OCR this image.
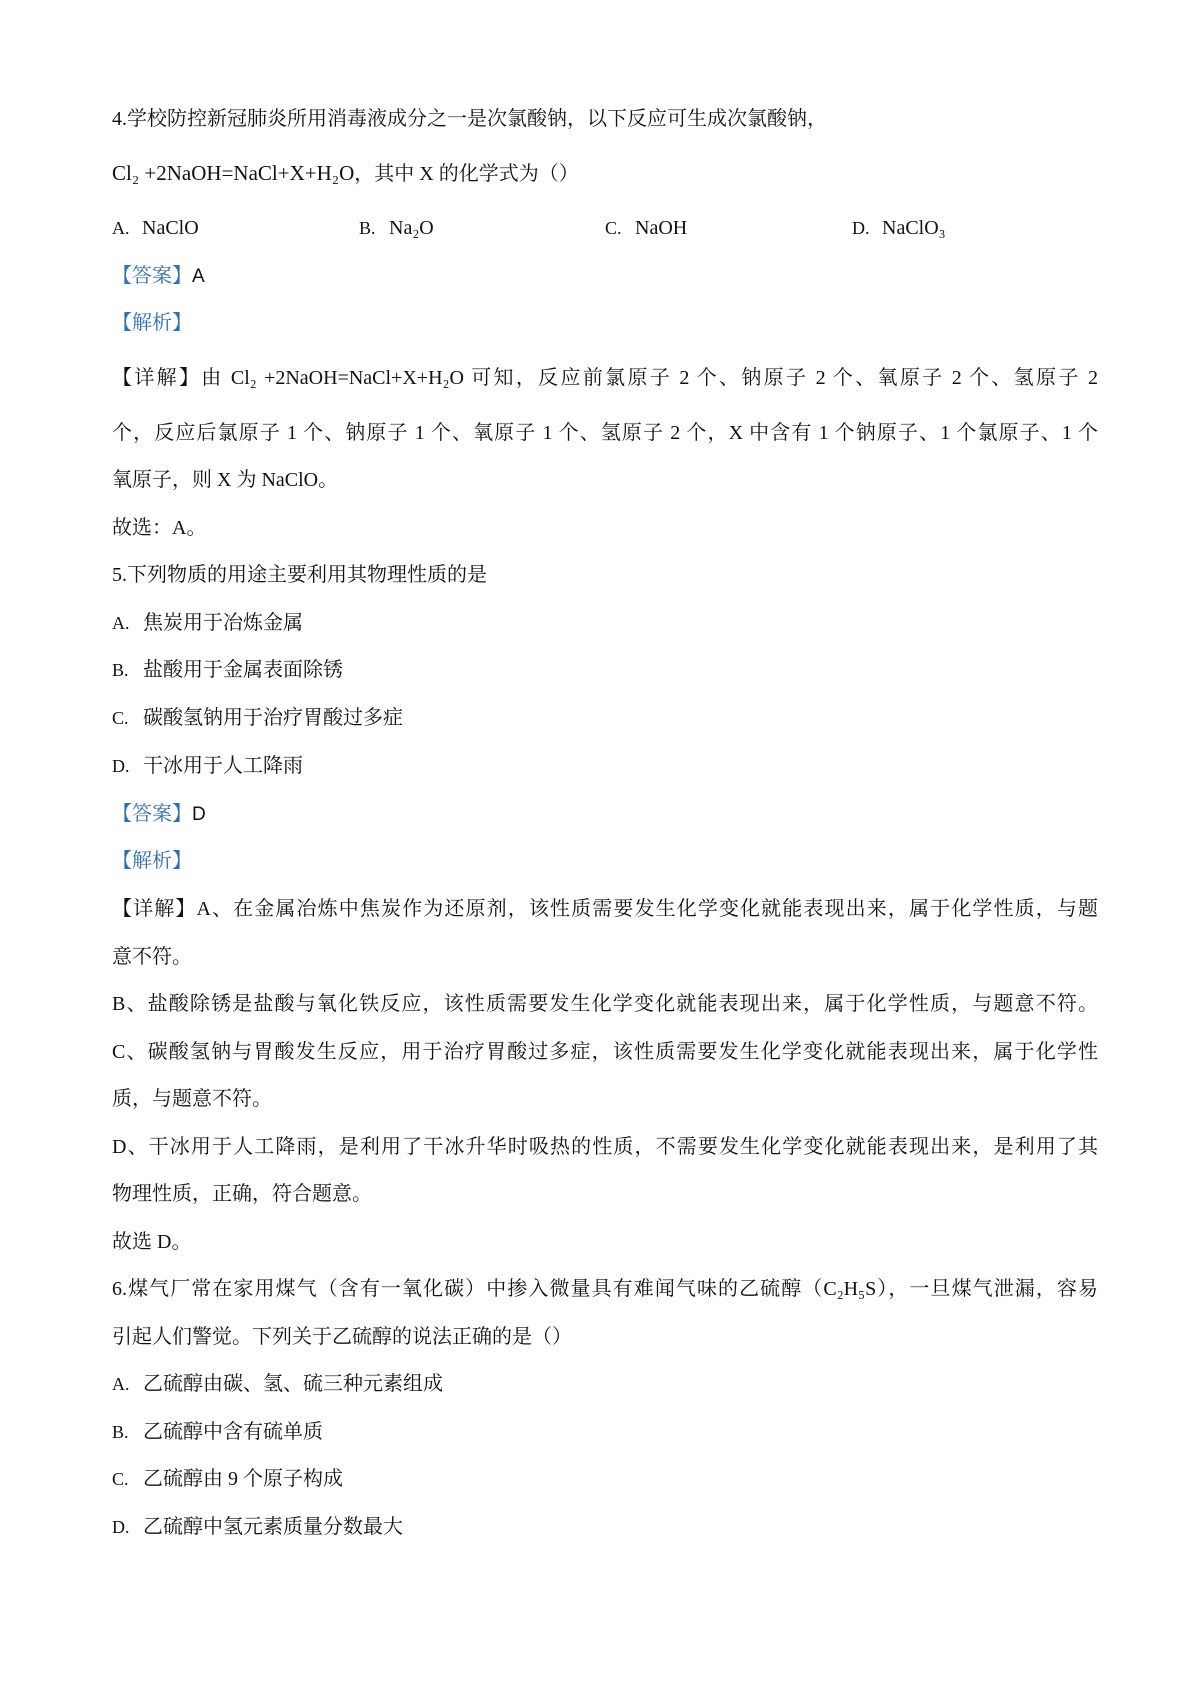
4.学校防控新冠肺炎所用消毒液成分之一是次氯酸钠，以下反应可生成次氯酸钠，
Cl₂ +2NaOH=NaCl+X+H₂O，其中 X 的化学式为（）
A. NaClO	B. Na₂O	C. NaOH	D. NaClO₃
【答案】A
【解析】
【详解】由 Cl₂ +2NaOH=NaCl+X+H₂O 可知，反应前氯原子 2 个、钠原子 2 个、氧原子 2 个、氢原子 2
个，反应后氯原子 1 个、钠原子 1 个、氧原子 1 个、氢原子 2 个，X 中含有 1 个钠原子、1 个氯原子、1 个
氧原子，则 X 为 NaClO。
故选：A。
5.下列物质的用途主要利用其物理性质的是
A. 焦炭用于冶炼金属
B. 盐酸用于金属表面除锈
C. 碳酸氢钠用于治疗胃酸过多症
D. 干冰用于人工降雨
【答案】D
【解析】
【详解】A、在金属冶炼中焦炭作为还原剂，该性质需要发生化学变化就能表现出来，属于化学性质，与题
意不符。
B、盐酸除锈是盐酸与氧化铁反应，该性质需要发生化学变化就能表现出来，属于化学性质，与题意不符。
C、碳酸氢钠与胃酸发生反应，用于治疗胃酸过多症，该性质需要发生化学变化就能表现出来，属于化学性
质，与题意不符。
D、干冰用于人工降雨，是利用了干冰升华时吸热的性质，不需要发生化学变化就能表现出来，是利用了其
物理性质，正确，符合题意。
故选 D。
6.煤气厂常在家用煤气（含有一氧化碳）中掺入微量具有难闻气味的乙硫醇（C₂H₅S），一旦煤气泄漏，容易
引起人们警觉。下列关于乙硫醇的说法正确的是（）
A. 乙硫醇由碳、氢、硫三种元素组成
B. 乙硫醇中含有硫单质
C. 乙硫醇由 9 个原子构成
D. 乙硫醇中氢元素质量分数最大
